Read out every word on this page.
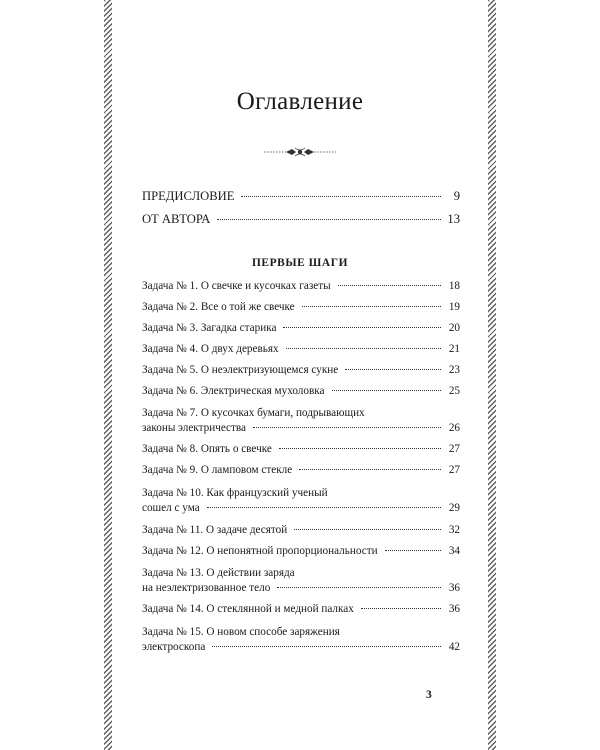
Оглавление
ПРЕДИСЛОВИЕ	9
ОТ АВТОРА	13
ПЕРВЫЕ ШАГИ
Задача № 1. О свечке и кусочках газеты	18
Задача № 2. Все о той же свечке	19
Задача № 3. Загадка старика	20
Задача № 4. О двух деревьях	21
Задача № 5. О неэлектризующемся сукне	23
Задача № 6. Электрическая мухоловка	25
Задача № 7. О кусочках бумаги, подрывающих
законы электричества	26
Задача № 8. Опять о свечке	27
Задача № 9. О ламповом стекле	27
Задача № 10. Как французский ученый
сошел с ума	29
Задача № 11. О задаче десятой	32
Задача № 12. О непонятной пропорциональности	34
Задача № 13. О действии заряда
на неэлектризованное тело	36
Задача № 14. О стеклянной и медной палках	36
Задача № 15. О новом способе заряжения
электроскопа	42
3
